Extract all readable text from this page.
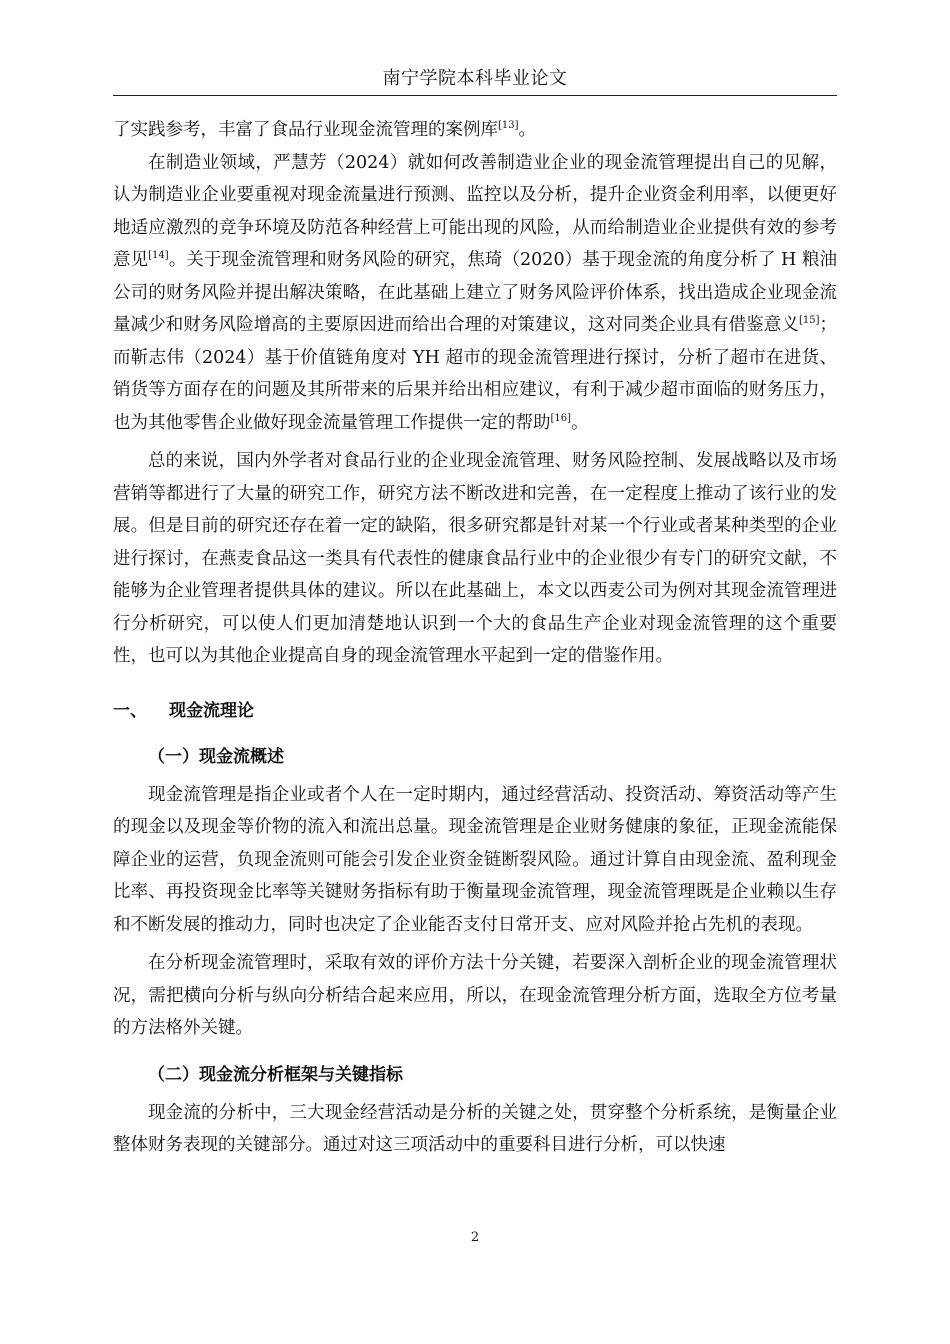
南宁学院本科毕业论文

了实践参考，丰富了食品行业现金流管理的案例库[13]。

在制造业领域，严慧芳（2024）就如何改善制造业企业的现金流管理提出自己的见解，认为制造业企业要重视对现金流量进行预测、监控以及分析，提升企业资金利用率，以便更好地适应激烈的竞争环境及防范各种经营上可能出现的风险，从而给制造业企业提供有效的参考意见[14]。关于现金流管理和财务风险的研究，焦琦（2020）基于现金流的角度分析了 H 粮油公司的财务风险并提出解决策略，在此基础上建立了财务风险评价体系，找出造成企业现金流量减少和财务风险增高的主要原因进而给出合理的对策建议，这对同类企业具有借鉴意义[15]；而靳志伟（2024）基于价值链角度对 YH 超市的现金流管理进行探讨，分析了超市在进货、销货等方面存在的问题及其所带来的后果并给出相应建议，有利于减少超市面临的财务压力，也为其他零售企业做好现金流量管理工作提供一定的帮助[16]。

总的来说，国内外学者对食品行业的企业现金流管理、财务风险控制、发展战略以及市场营销等都进行了大量的研究工作，研究方法不断改进和完善，在一定程度上推动了该行业的发展。但是目前的研究还存在着一定的缺陷，很多研究都是针对某一个行业或者某种类型的企业进行探讨，在燕麦食品这一类具有代表性的健康食品行业中的企业很少有专门的研究文献，不能够为企业管理者提供具体的建议。所以在此基础上，本文以西麦公司为例对其现金流管理进行分析研究，可以使人们更加清楚地认识到一个大的食品生产企业对现金流管理的这个重要性，也可以为其他企业提高自身的现金流管理水平起到一定的借鉴作用。

一、 现金流理论
（一）现金流概述

现金流管理是指企业或者个人在一定时期内，通过经营活动、投资活动、筹资活动等产生的现金以及现金等价物的流入和流出总量。现金流管理是企业财务健康的象征，正现金流能保障企业的运营，负现金流则可能会引发企业资金链断裂风险。通过计算自由现金流、盈利现金比率、再投资现金比率等关键财务指标有助于衡量现金流管理，现金流管理既是企业赖以生存和不断发展的推动力，同时也决定了企业能否支付日常开支、应对风险并抢占先机的表现。

在分析现金流管理时，采取有效的评价方法十分关键，若要深入剖析企业的现金流管理状况，需把横向分析与纵向分析结合起来应用，所以，在现金流管理分析方面，选取全方位考量的方法格外关键。

（二）现金流分析框架与关键指标

现金流的分析中，三大现金经营活动是分析的关键之处，贯穿整个分析系统，是衡量企业整体财务表现的关键部分。通过对这三项活动中的重要科目进行分析，可以快速

2
